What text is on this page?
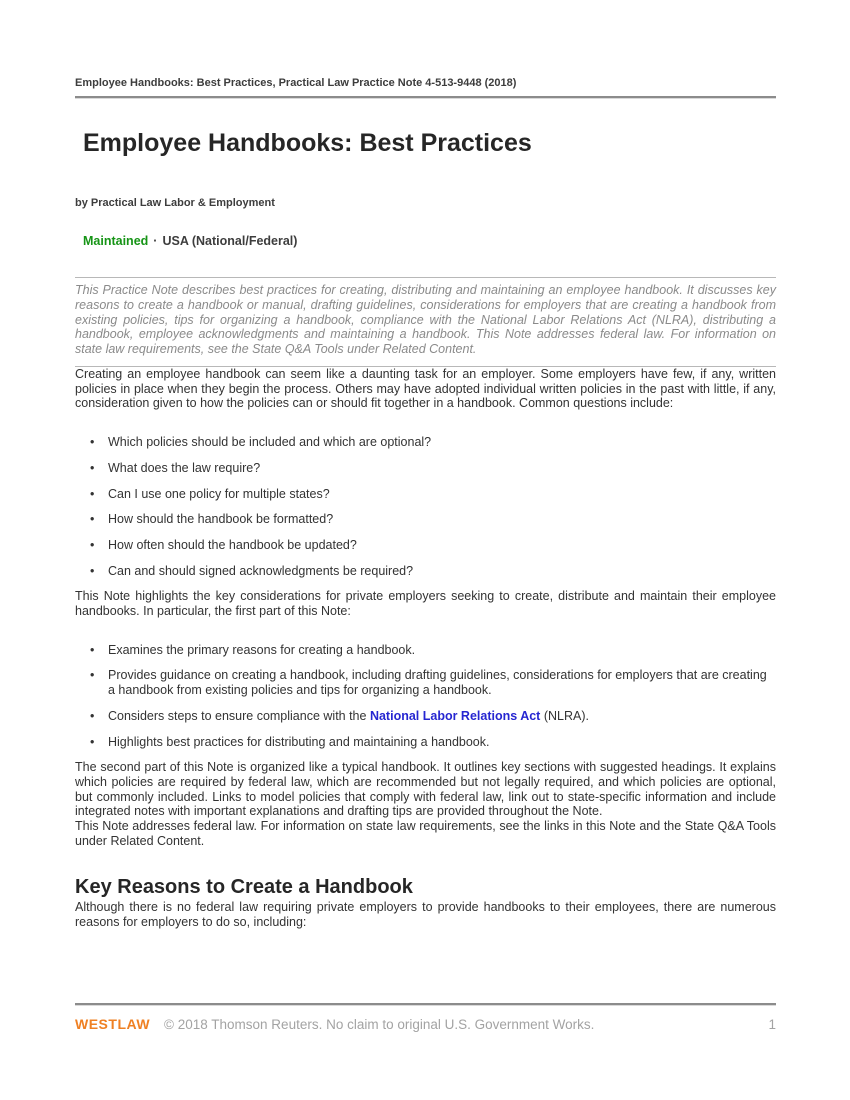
Employee Handbooks: Best Practices, Practical Law Practice Note 4-513-9448 (2018)
Employee Handbooks: Best Practices
by Practical Law Labor & Employment
Maintained · USA (National/Federal)
This Practice Note describes best practices for creating, distributing and maintaining an employee handbook. It discusses key reasons to create a handbook or manual, drafting guidelines, considerations for employers that are creating a handbook from existing policies, tips for organizing a handbook, compliance with the National Labor Relations Act (NLRA), distributing a handbook, employee acknowledgments and maintaining a handbook. This Note addresses federal law. For information on state law requirements, see the State Q&A Tools under Related Content.

Creating an employee handbook can seem like a daunting task for an employer. Some employers have few, if any, written policies in place when they begin the process. Others may have adopted individual written policies in the past with little, if any, consideration given to how the policies can or should fit together in a handbook. Common questions include:

• Which policies should be included and which are optional?
• What does the law require?
• Can I use one policy for multiple states?
• How should the handbook be formatted?
• How often should the handbook be updated?
• Can and should signed acknowledgments be required?

This Note highlights the key considerations for private employers seeking to create, distribute and maintain their employee handbooks. In particular, the first part of this Note:

• Examines the primary reasons for creating a handbook.
• Provides guidance on creating a handbook, including drafting guidelines, considerations for employers that are creating a handbook from existing policies and tips for organizing a handbook.
• Considers steps to ensure compliance with the National Labor Relations Act (NLRA).
• Highlights best practices for distributing and maintaining a handbook.

The second part of this Note is organized like a typical handbook. It outlines key sections with suggested headings. It explains which policies are required by federal law, which are recommended but not legally required, and which policies are optional, but commonly included. Links to model policies that comply with federal law, link out to state-specific information and include integrated notes with important explanations and drafting tips are provided throughout the Note.

This Note addresses federal law. For information on state law requirements, see the links in this Note and the State Q&A Tools under Related Content.

Key Reasons to Create a Handbook

Although there is no federal law requiring private employers to provide handbooks to their employees, there are numerous reasons for employers to do so, including:

WESTLAW © 2018 Thomson Reuters. No claim to original U.S. Government Works.	1
